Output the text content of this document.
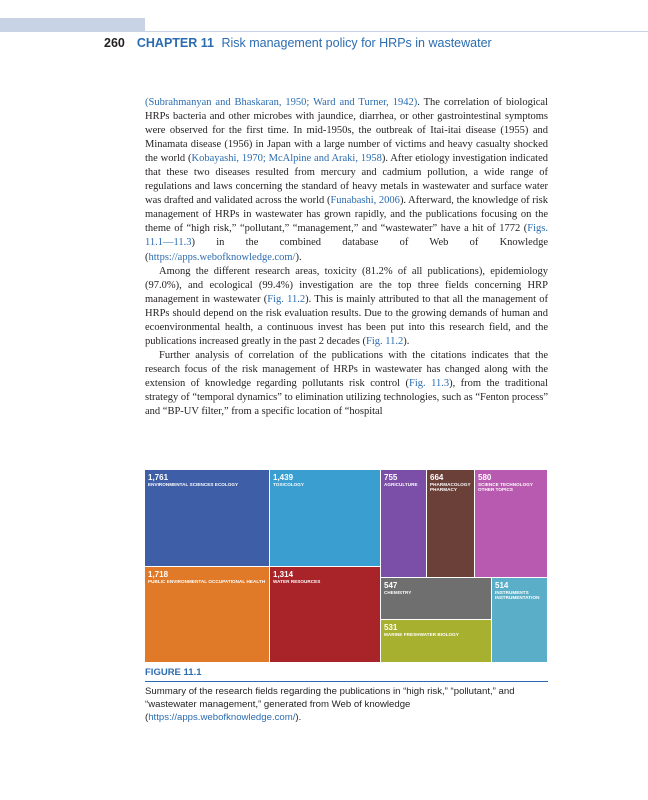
260 CHAPTER 11 Risk management policy for HRPs in wastewater

(Subrahmanyan and Bhaskaran, 1950; Ward and Turner, 1942). The correlation of biological HRPs bacteria and other microbes with jaundice, diarrhea, or other gastrointestinal symptoms were observed for the first time. In mid-1950s, the outbreak of Itai-itai disease (1955) and Minamata disease (1956) in Japan with a large number of victims and heavy casualty shocked the world (Kobayashi, 1970; McAlpine and Araki, 1958). After etiology investigation indicated that these two diseases resulted from mercury and cadmium pollution, a wide range of regulations and laws concerning the standard of heavy metals in wastewater and surface water was drafted and validated across the world (Funabashi, 2006). Afterward, the knowledge of risk management of HRPs in wastewater has grown rapidly, and the publications focusing on the theme of “high risk,” “pollutant,” “management,” and “wastewater” have a hit of 1772 (Figs. 11.1—11.3) in the combined database of Web of Knowledge (https://apps.webofknowledge.com/).

Among the different research areas, toxicity (81.2% of all publications), epidemiology (97.0%), and ecological (99.4%) investigation are the top three fields concerning HRP management in wastewater (Fig. 11.2). This is mainly attributed to that all the management of HRPs should depend on the risk evaluation results. Due to the growing demands of human and ecoenvironmental health, a continuous invest has been put into this research field, and the publications increased greatly in the past 2 decades (Fig. 11.2).

Further analysis of correlation of the publications with the citations indicates that the research focus of the risk management of HRPs in wastewater has changed along with the extension of knowledge regarding pollutants risk control (Fig. 11.3), from the traditional strategy of “temporal dynamics” to elimination utilizing technologies, such as “Fenton process” and “BP-UV filter,” from a specific location of “hospital

1,761
ENVIRONMENTAL SCIENCES ECOLOGY
1,439
TOXICOLOGY
755
AGRICULTURE
664
PHARMACOLOGY PHARMACY
580
SCIENCE TECHNOLOGY OTHER TOPICS
1,718
PUBLIC ENVIRONMENTAL OCCUPATIONAL HEALTH
1,314
WATER RESOURCES	547
CHEMISTRY
514
INSTRUMENTS INSTRUMENTATION
531
MARINE FRESHWATER BIOLOGY
FIGURE 11.1
Summary of the research fields regarding the publications in “high risk,” “pollutant,” and “wastewater management,” generated from Web of knowledge (https://apps.webofknowledge.com/).
